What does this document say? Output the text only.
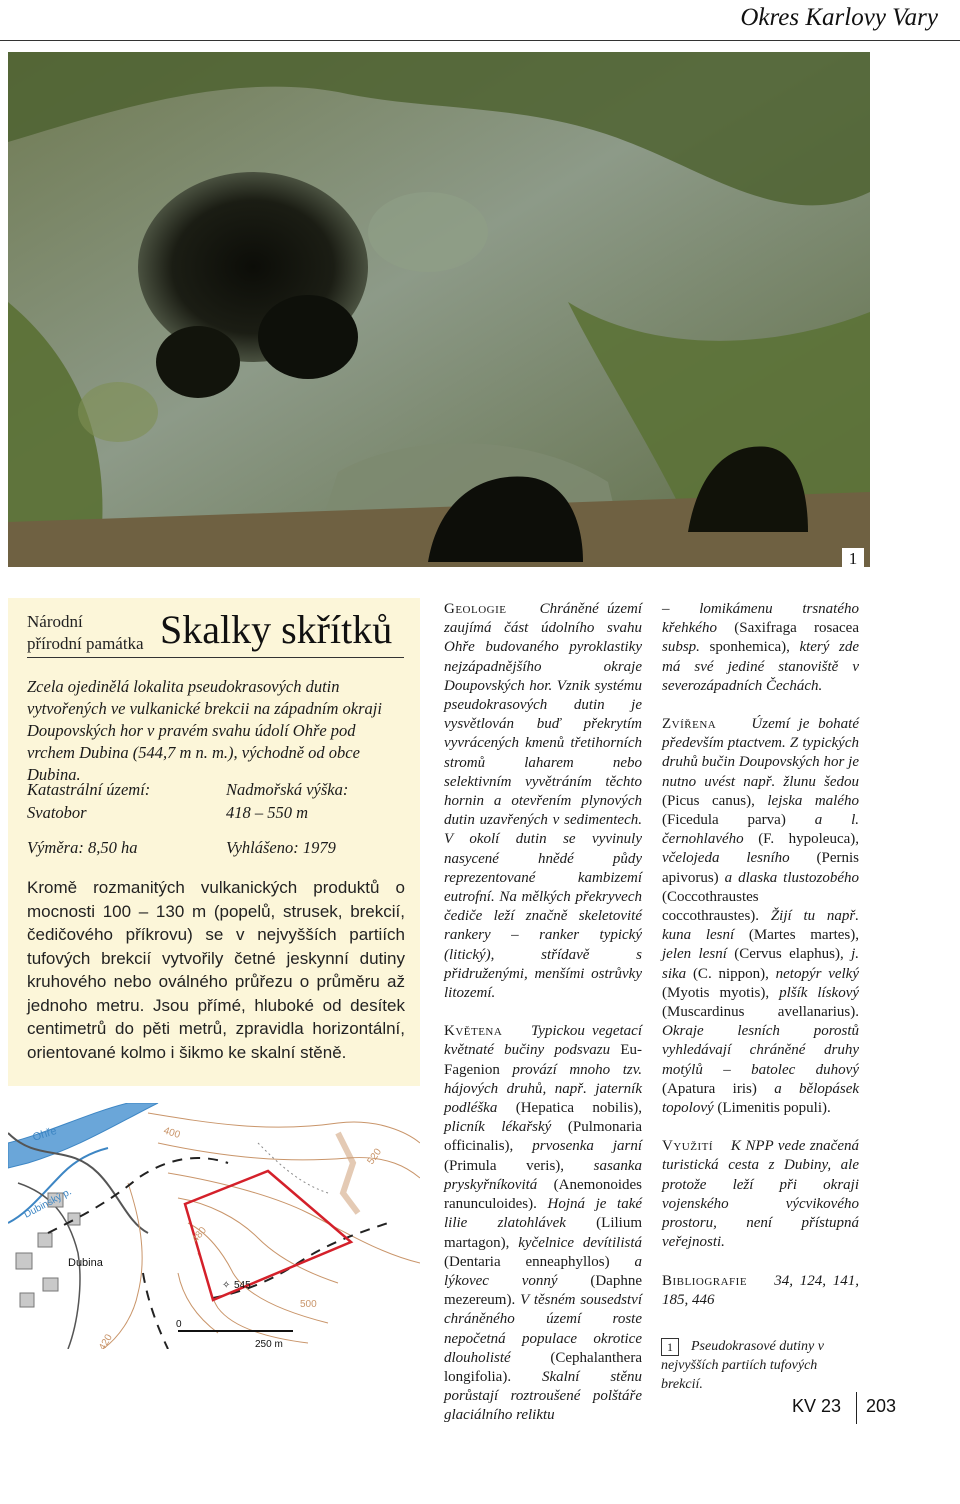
Okres Karlovy Vary
1
Národní
přírodní památka Skalky skřítků
Zcela ojedinělá lokalita pseudokrasových dutin vytvořených ve vulkanické brekcii na západním okraji Doupovských hor v pravém svahu údolí Ohře pod vrchem Dubina (544,7 m n. m.), východně od obce Dubina.
Katastrální území:
Svatobor
Nadmořská výška:
418 – 550 m
Výměra: 8,50 ha	Vyhlášeno: 1979
Kromě rozmanitých vulkanických produktů o mocnosti 100 – 130 m (popelů, strusek, brekcií, čedičového příkrovu) se v nejvyšších partiích tufových brekcií vytvořily četné jeskynní dutiny kruhového nebo oválného průřezu o průměru až jednoho metru. Jsou přímé, hluboké od desítek centimetrů do pěti metrů, zpravidla horizontální, orientované kolmo i šikmo ke skalní stěně.
Ohře
Dubinský p.
Dubina
400
480
500
520
420
✧ 545
0
250 m

Geologie Chráněné území zaujímá část údolního svahu Ohře budovaného pyroklastiky nejzápadnějšího okraje Doupovských hor. Vznik systému pseudokrasových dutin je vysvětlován buď překrytím vyvrácených kmenů třetihorních stromů laharem nebo selektivním vyvětráním těchto hornin a otevřením plynových dutin uzavřených v sedimentech. V okolí dutin se vyvinuly nasycené hnědé půdy reprezentované kambizemí eutrofní. Na mělkých překryvech čediče leží značně skeletovité rankery – ranker typický (litický), střídavě s přidruženými, menšími ostrůvky litozemí.

Květena Typickou vegetací květnaté bučiny podsvazu Eu-Fagenion provází mnoho tzv. hájových druhů, např. jaterník podléška (Hepatica nobilis), plicník lékařský (Pulmonaria officinalis), prvosenka jarní (Primula veris), sasanka pryskyřníkovitá (Anemonoides ranunculoides). Hojná je také lilie zlatohlávek (Lilium martagon), kyčelnice devítilistá (Dentaria enneaphyllos) a lýkovec vonný (Daphne mezereum). V těsném sousedství chráněného území roste nepočetná populace okrotice dlouholisté	(Cephalanthera longifolia). Skalní stěnu porůstají roztroušené polštáře glaciálního reliktu

– lomikámenu trsnatého křehkého (Saxifraga rosacea subsp. sponhemica), který zde má své jediné stanoviště v severozápadních Čechách.

Zvířena Území je bohaté především ptactvem. Z typických druhů bučin Doupovských hor je nutno uvést např. žlunu šedou (Picus canus), lejska malého (Ficedula parva) a l. černohlavého (F. hypoleuca), včelojeda lesního (Pernis apivorus) a dlaska tlustozobého (Coccothraustes coccothraustes). Žijí tu např. kuna lesní (Martes martes), jelen lesní (Cervus elaphus), j. sika (C. nippon), netopýr velký (Myotis myotis), plšík lískový (Muscardinus avellanarius). Okraje lesních porostů vyhledávají chráněné druhy motýlů – batolec duhový (Apatura iris) a bělopásek topolový (Limenitis populi).

Využití K NPP vede značená turistická cesta z Dubiny, ale protože leží při okraji vojenského výcvikového prostoru, není přístupná veřejnosti.

Bibliografie 34, 124, 141, 185, 446

1 Pseudokrasové dutiny v nejvyšších partiích tufových brekcií.
KV 23 203
